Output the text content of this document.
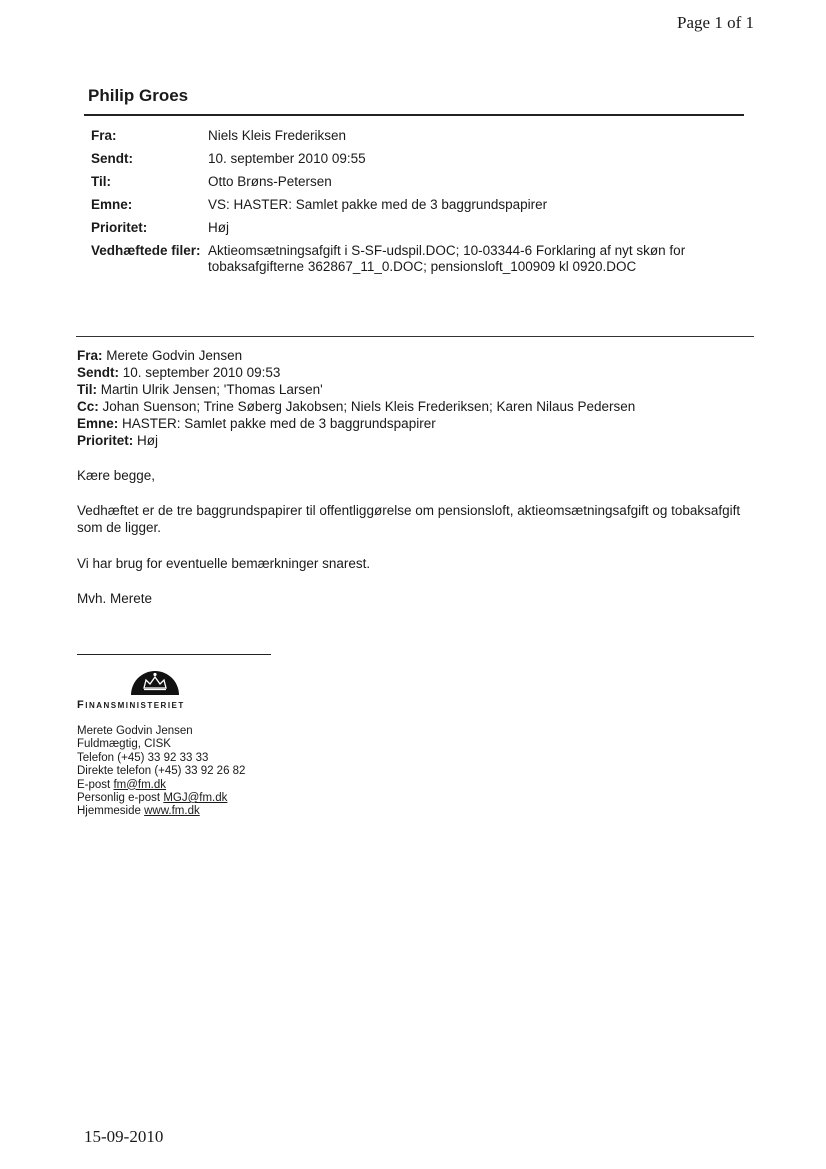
Page 1 of 1
Philip Groes
Fra:	Niels Kleis Frederiksen
Sendt:	10. september 2010 09:55
Til:	Otto Brøns-Petersen
Emne:	VS: HASTER: Samlet pakke med de 3 baggrundspapirer
Prioritet:	Høj
Vedhæftede filer: Aktieomsætningsafgift i S-SF-udspil.DOC; 10-03344-6 Forklaring af nyt skøn for tobaksafgifterne 362867_11_0.DOC; pensionsloft_100909 kl 0920.DOC
Fra: Merete Godvin Jensen
Sendt: 10. september 2010 09:53
Til: Martin Ulrik Jensen; 'Thomas Larsen'
Cc: Johan Suenson; Trine Søberg Jakobsen; Niels Kleis Frederiksen; Karen Nilaus Pedersen
Emne: HASTER: Samlet pakke med de 3 baggrundspapirer
Prioritet: Høj

Kære begge,

Vedhæftet er de tre baggrundspapirer til offentliggørelse om pensionsloft, aktieomsætningsafgift og tobaksafgift som de ligger.

Vi har brug for eventuelle bemærkninger snarest.

Mvh. Merete

Finansministeriet
Merete Godvin Jensen
Fuldmægtig, CISK
Telefon (+45) 33 92 33 33
Direkte telefon (+45) 33 92 26 82
E-post fm@fm.dk
Personlig e-post MGJ@fm.dk
Hjemmeside www.fm.dk
15-09-2010
